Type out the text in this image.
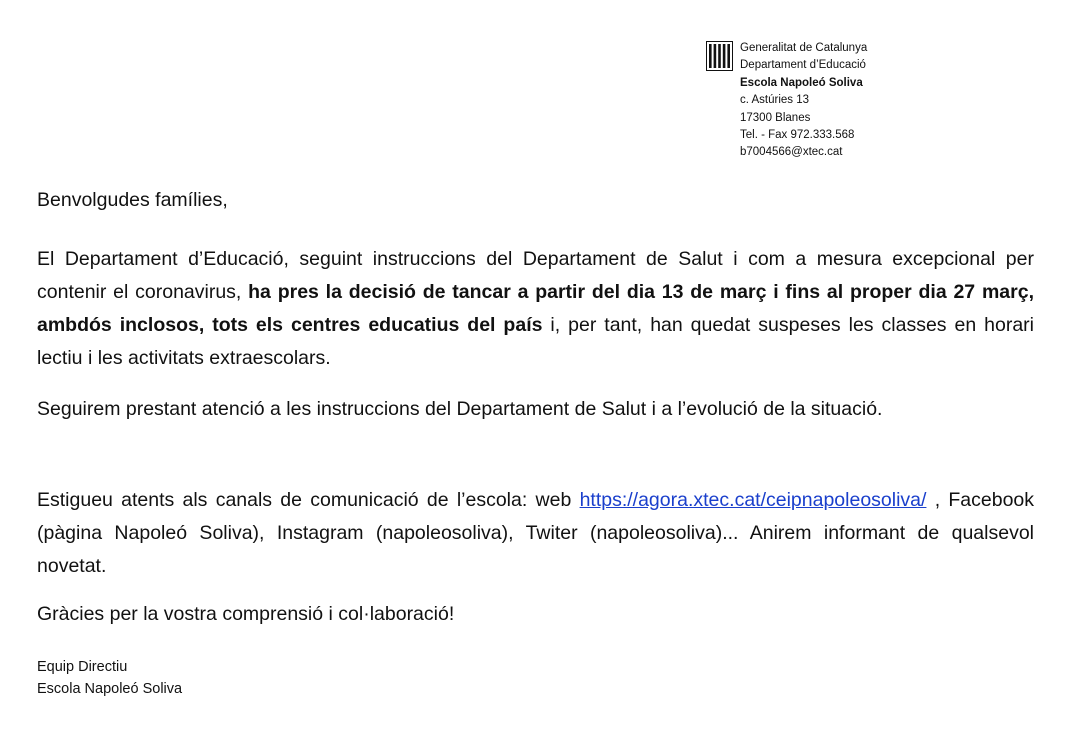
Generalitat de Catalunya
Departament d’Educació
Escola Napoleó Soliva
c. Astúries 13
17300 Blanes
Tel. - Fax 972.333.568
b7004566@xtec.cat
Benvolgudes famílies,
El Departament d’Educació, seguint instruccions del Departament de Salut i com a mesura excepcional per contenir el coronavirus, ha pres la decisió de tancar a partir del dia 13 de març i fins al proper dia 27 març, ambdós inclosos, tots els centres educatius del país i, per tant, han quedat suspeses les classes en horari lectiu i les activitats extraescolars.
Seguirem prestant atenció a les instruccions del Departament de Salut i a l’evolució de la situació.
Estigueu atents als canals de comunicació de l’escola: web https://agora.xtec.cat/ceipnapoleosoliva/ , Facebook (pàgina Napoleó Soliva), Instagram (napoleosoliva), Twiter (napoleosoliva)... Anirem informant de qualsevol novetat.
Gràcies per la vostra comprensió i col·laboració!
Equip Directiu
Escola Napoleó Soliva
